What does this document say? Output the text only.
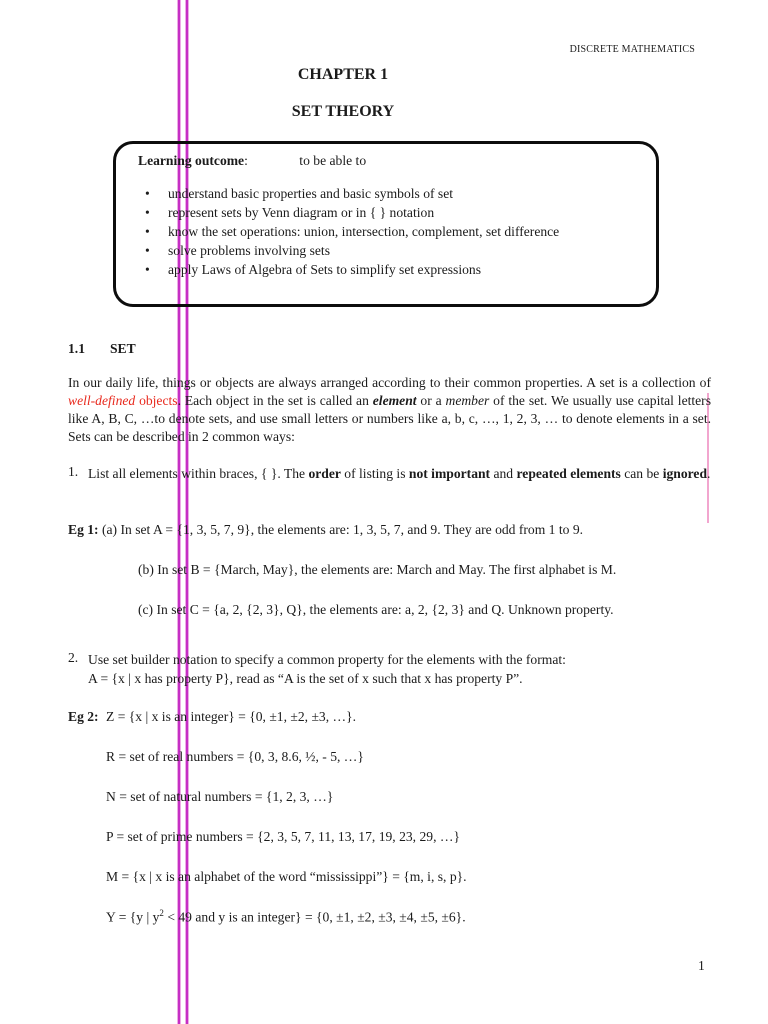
DISCRETE MATHEMATICS
CHAPTER 1
SET THEORY
Learning outcome:	to be able to
• understand basic properties and basic symbols of set
• represent sets by Venn diagram or in { } notation
• know the set operations: union, intersection, complement, set difference
• solve problems involving sets
• apply Laws of Algebra of Sets to simplify set expressions
1.1 SET
In our daily life, things or objects are always arranged according to their common properties. A set is a collection of well-defined objects. Each object in the set is called an element or a member of the set. We usually use capital letters like A, B, C, …to denote sets, and use small letters or numbers like a, b, c, …, 1, 2, 3, … to denote elements in a set. Sets can be described in 2 common ways:
1. List all elements within braces, { }. The order of listing is not important and repeated elements can be ignored.
Eg 1: (a) In set A = {1, 3, 5, 7, 9}, the elements are: 1, 3, 5, 7, and 9. They are odd from 1 to 9.
(b) In set B = {March, May}, the elements are: March and May. The first alphabet is M.
(c) In set C = {a, 2, {2, 3}, Q}, the elements are: a, 2, {2, 3} and Q. Unknown property.
2. Use set builder notation to specify a common property for the elements with the format:
A = {x | x has property P}, read as “A is the set of x such that x has property P”.
Eg 2: Z = {x | x is an integer} = {0, ±1, ±2, ±3, …}.
R = set of real numbers = {0, 3, 8.6, ½, - 5, …}
N = set of natural numbers = {1, 2, 3, …}
P = set of prime numbers = {2, 3, 5, 7, 11, 13, 17, 19, 23, 29, …}
M = {x | x is an alphabet of the word “mississippi”} = {m, i, s, p}.
Y = {y | $y^2 < 49$ and y is an integer} = {0, ±1, ±2, ±3, ±4, ±5, ±6}.
1
